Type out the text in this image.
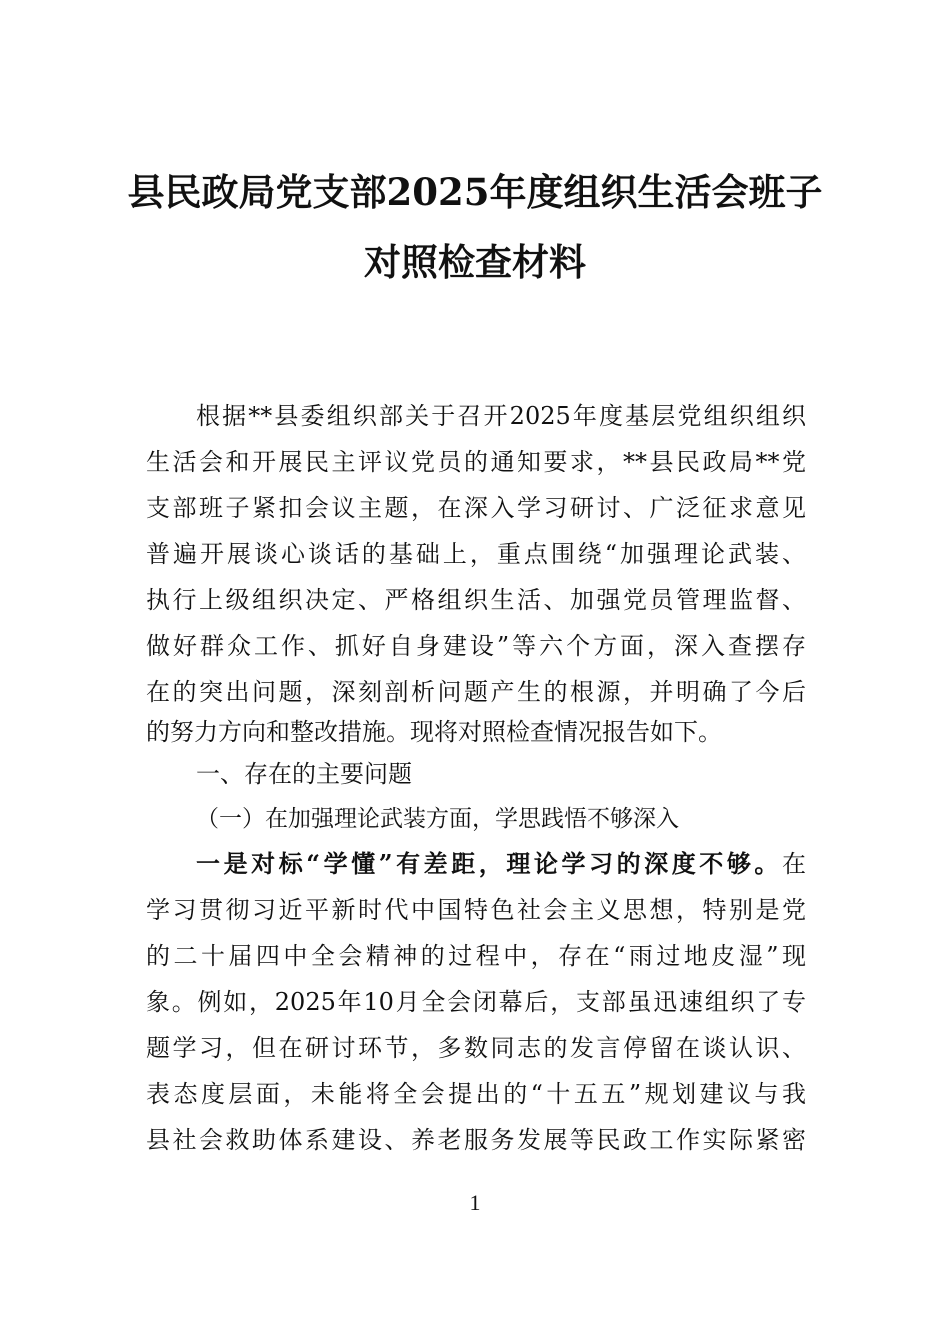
县民政局党支部2025年度组织生活会班子
对照检查材料
根据**县委组织部关于召开2025年度基层党组织组织
生活会和开展民主评议党员的通知要求，**县民政局**党
支部班子紧扣会议主题，在深入学习研讨、广泛征求意见
普遍开展谈心谈话的基础上，重点围绕“加强理论武装、
执行上级组织决定、严格组织生活、加强党员管理监督、
做好群众工作、抓好自身建设”等六个方面，深入查摆存
在的突出问题，深刻剖析问题产生的根源，并明确了今后
的努力方向和整改措施。现将对照检查情况报告如下。
一、存在的主要问题
（一）在加强理论武装方面，学思践悟不够深入
一是对标“学懂”有差距，理论学习的深度不够。在
学习贯彻习近平新时代中国特色社会主义思想，特别是党
的二十届四中全会精神的过程中，存在“雨过地皮湿”现
象。例如，2025年10月全会闭幕后，支部虽迅速组织了专
题学习，但在研讨环节，多数同志的发言停留在谈认识、
表态度层面，未能将全会提出的“十五五”规划建议与我
县社会救助体系建设、养老服务发展等民政工作实际紧密
1
